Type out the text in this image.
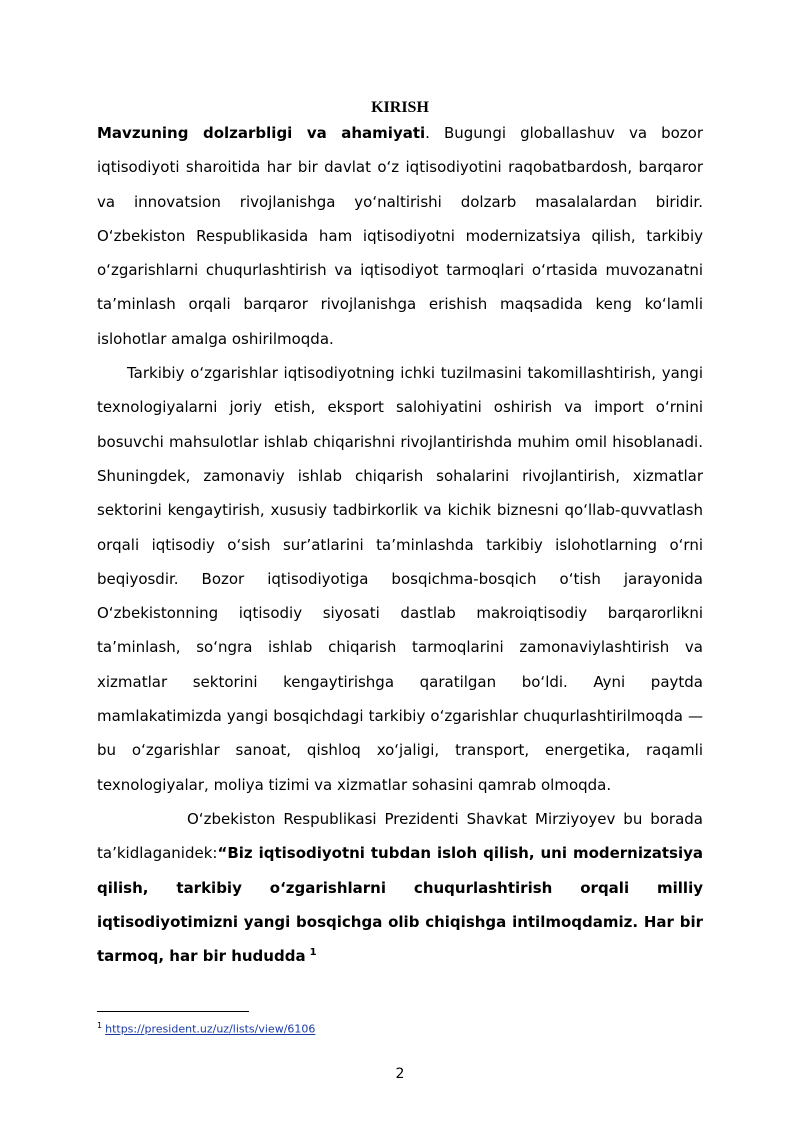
KIRISH

Mavzuning dolzarbligi va ahamiyati. Bugungi globallashuv va bozor iqtisodiyoti sharoitida har bir davlat o‘z iqtisodiyotini raqobatbardosh, barqaror va innovatsion rivojlanishga yo‘naltirishi dolzarb masalalardan biridir. O‘zbekiston Respublikasida ham iqtisodiyotni modernizatsiya qilish, tarkibiy o‘zgarishlarni chuqurlashtirish va iqtisodiyot tarmoqlari o‘rtasida muvozanatni ta’minlash orqali barqaror rivojlanishga erishish maqsadida keng ko‘lamli islohotlar amalga oshirilmoqda.

Tarkibiy o‘zgarishlar iqtisodiyotning ichki tuzilmasini takomillashtirish, yangi texnologiyalarni joriy etish, eksport salohiyatini oshirish va import o‘rnini bosuvchi mahsulotlar ishlab chiqarishni rivojlantirishda muhim omil hisoblanadi. Shuningdek, zamonaviy ishlab chiqarish sohalarini rivojlantirish, xizmatlar sektorini kengaytirish, xususiy tadbirkorlik va kichik biznesni qo‘llab-quvvatlash orqali iqtisodiy o‘sish sur’atlarini ta’minlashda tarkibiy islohotlarning o‘rni beqiyosdir. Bozor iqtisodiyotiga bosqichma-bosqich o‘tish jarayonida O‘zbekistonning iqtisodiy siyosati dastlab makroiqtisodiy barqarorlikni ta’minlash, so‘ngra ishlab chiqarish tarmoqlarini zamonaviylashtirish va xizmatlar sektorini kengaytirishga qaratilgan bo‘ldi. Ayni paytda mamlakatimizda yangi bosqichdagi tarkibiy o‘zgarishlar chuqurlashtirilmoqda — bu o‘zgarishlar sanoat, qishloq xo‘jaligi, transport, energetika, raqamli texnologiyalar, moliya tizimi va xizmatlar sohasini qamrab olmoqda.

O‘zbekiston Respublikasi Prezidenti Shavkat Mirziyoyev bu borada ta’kidlaganidek:“Biz iqtisodiyotni tubdan isloh qilish, uni modernizatsiya qilish, tarkibiy o‘zgarishlarni chuqurlashtirish orqali milliy iqtisodiyotimizni yangi bosqichga olib chiqishga intilmoqdamiz. Har bir tarmoq, har bir hududda $^1$

$^1$ https://president.uz/uz/lists/view/6106
2
